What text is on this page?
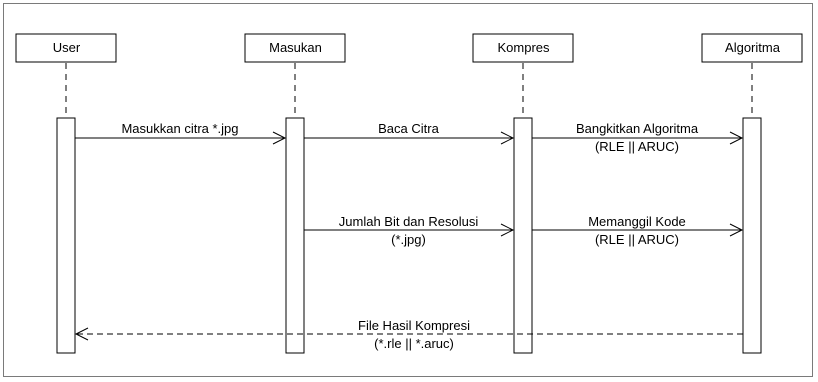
User	Masukan	Kompres	Algoritma
Masukkan citra *.jpg	Baca Citra	Bangkitkan Algoritma
(RLE || ARUC)
Jumlah Bit dan Resolusi
(*.jpg)
Memanggil Kode
(RLE || ARUC)
File Hasil Kompresi
(*.rle || *.aruc)
